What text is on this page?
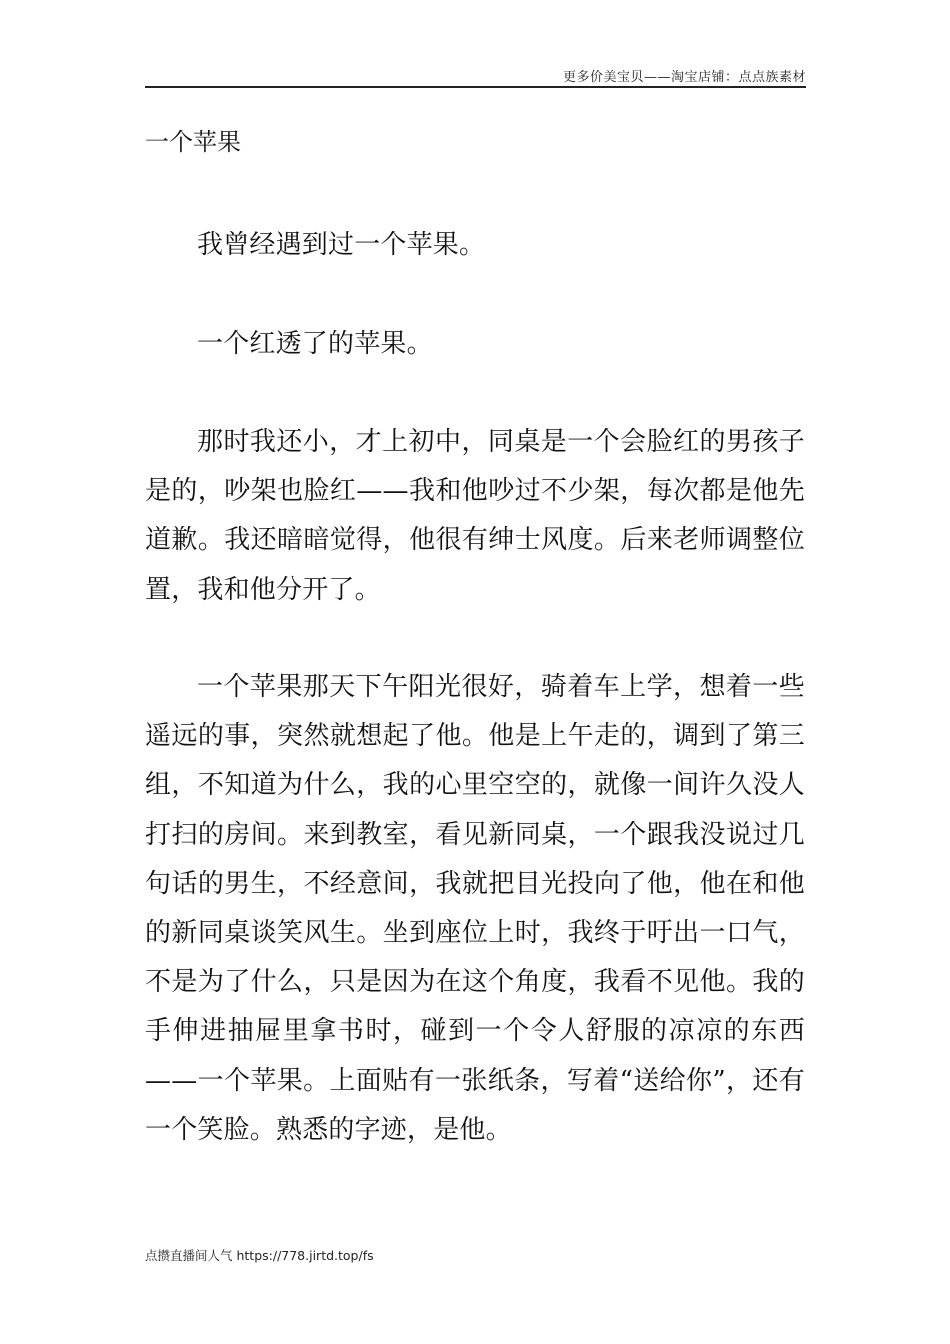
更多价美宝贝——淘宝店铺：点点族素材
一个苹果

我曾经遇到过一个苹果。

一个红透了的苹果。

那时我还小，才上初中，同桌是一个会脸红的男孩子是的，吵架也脸红——我和他吵过不少架，每次都是他先道歉。我还暗暗觉得，他很有绅士风度。后来老师调整位置，我和他分开了。

一个苹果那天下午阳光很好，骑着车上学，想着一些遥远的事，突然就想起了他。他是上午走的，调到了第三组，不知道为什么，我的心里空空的，就像一间许久没人打扫的房间。来到教室，看见新同桌，一个跟我没说过几句话的男生，不经意间，我就把目光投向了他，他在和他的新同桌谈笑风生。坐到座位上时，我终于吁出一口气，不是为了什么，只是因为在这个角度，我看不见他。我的手伸进抽屉里拿书时，碰到一个令人舒服的凉凉的东西——一个苹果。上面贴有一张纸条，写着“送给你”，还有一个笑脸。熟悉的字迹，是他。

点攒直播间人气 https://778.jirtd.top/fs
